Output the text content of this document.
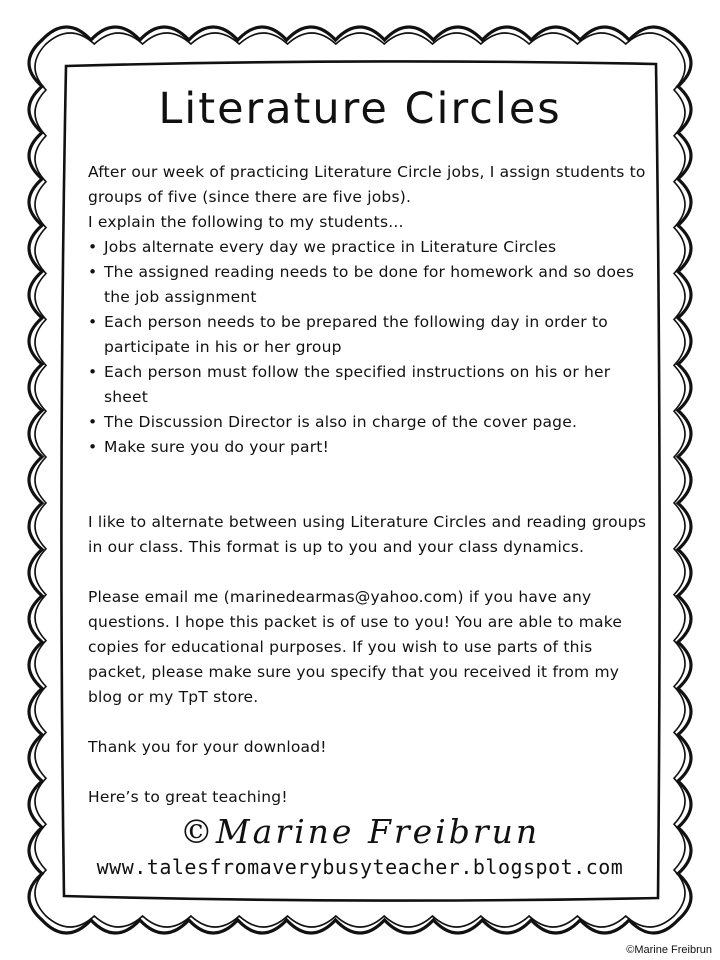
Literature Circles

After our week of practicing Literature Circle jobs, I assign students to groups of five (since there are five jobs).

I explain the following to my students...

• Jobs alternate every day we practice in Literature Circles
• The assigned reading needs to be done for homework and so does the job assignment
• Each person needs to be prepared the following day in order to participate in his or her group
• Each person must follow the specified instructions on his or her sheet
• The Discussion Director is also in charge of the cover page.
• Make sure you do your part!

I like to alternate between using Literature Circles and reading groups in our class. This format is up to you and your class dynamics.

Please email me (marinedearmas@yahoo.com) if you have any questions. I hope this packet is of use to you! You are able to make copies for educational purposes. If you wish to use parts of this packet, please make sure you specify that you received it from my blog or my TpT store.

Thank you for your download!

Here’s to great teaching!

©Marine Freibrun
www.talesfromaverybusyteacher.blogspot.com
©Marine Freibrun
